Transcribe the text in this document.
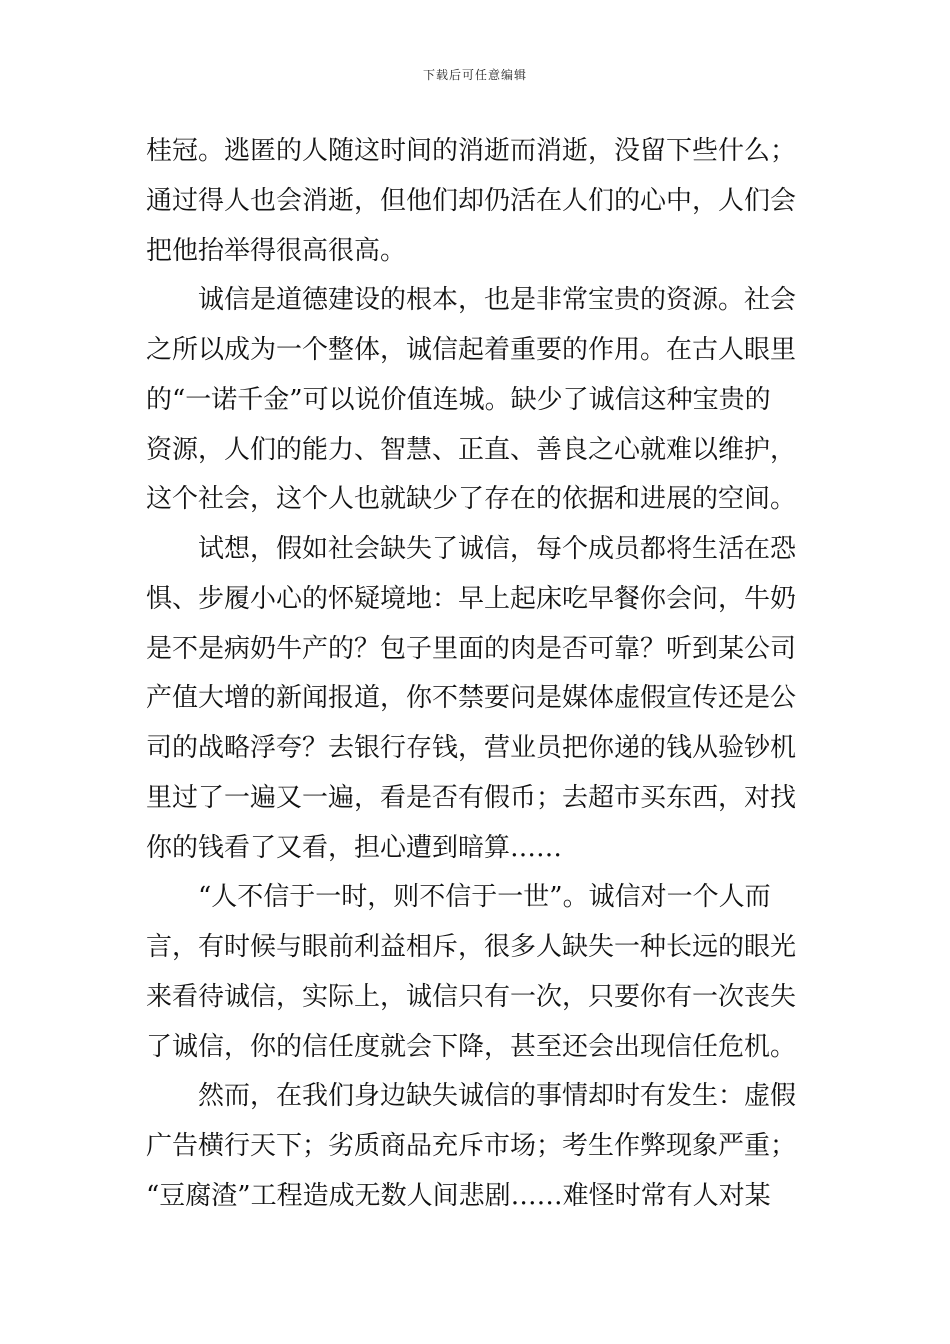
下载后可任意编辑
桂冠。逃匿的人随这时间的消逝而消逝，没留下些什么；
通过得人也会消逝，但他们却仍活在人们的心中，人们会
把他抬举得很高很高。
诚信是道德建设的根本，也是非常宝贵的资源。社会
之所以成为一个整体，诚信起着重要的作用。在古人眼里
的“一诺千金”可以说价值连城。缺少了诚信这种宝贵的
资源，人们的能力、智慧、正直、善良之心就难以维护，
这个社会，这个人也就缺少了存在的依据和进展的空间。
试想，假如社会缺失了诚信，每个成员都将生活在恐
惧、步履小心的怀疑境地：早上起床吃早餐你会问，牛奶
是不是病奶牛产的？包子里面的肉是否可靠？听到某公司
产值大增的新闻报道，你不禁要问是媒体虚假宣传还是公
司的战略浮夸？去银行存钱，营业员把你递的钱从验钞机
里过了一遍又一遍，看是否有假币；去超市买东西，对找
你的钱看了又看，担心遭到暗算……
“人不信于一时，则不信于一世”。诚信对一个人而
言，有时候与眼前利益相斥，很多人缺失一种长远的眼光
来看待诚信，实际上，诚信只有一次，只要你有一次丧失
了诚信，你的信任度就会下降，甚至还会出现信任危机。
然而，在我们身边缺失诚信的事情却时有发生：虚假
广告横行天下；劣质商品充斥市场；考生作弊现象严重；
“豆腐渣”工程造成无数人间悲剧……难怪时常有人对某
